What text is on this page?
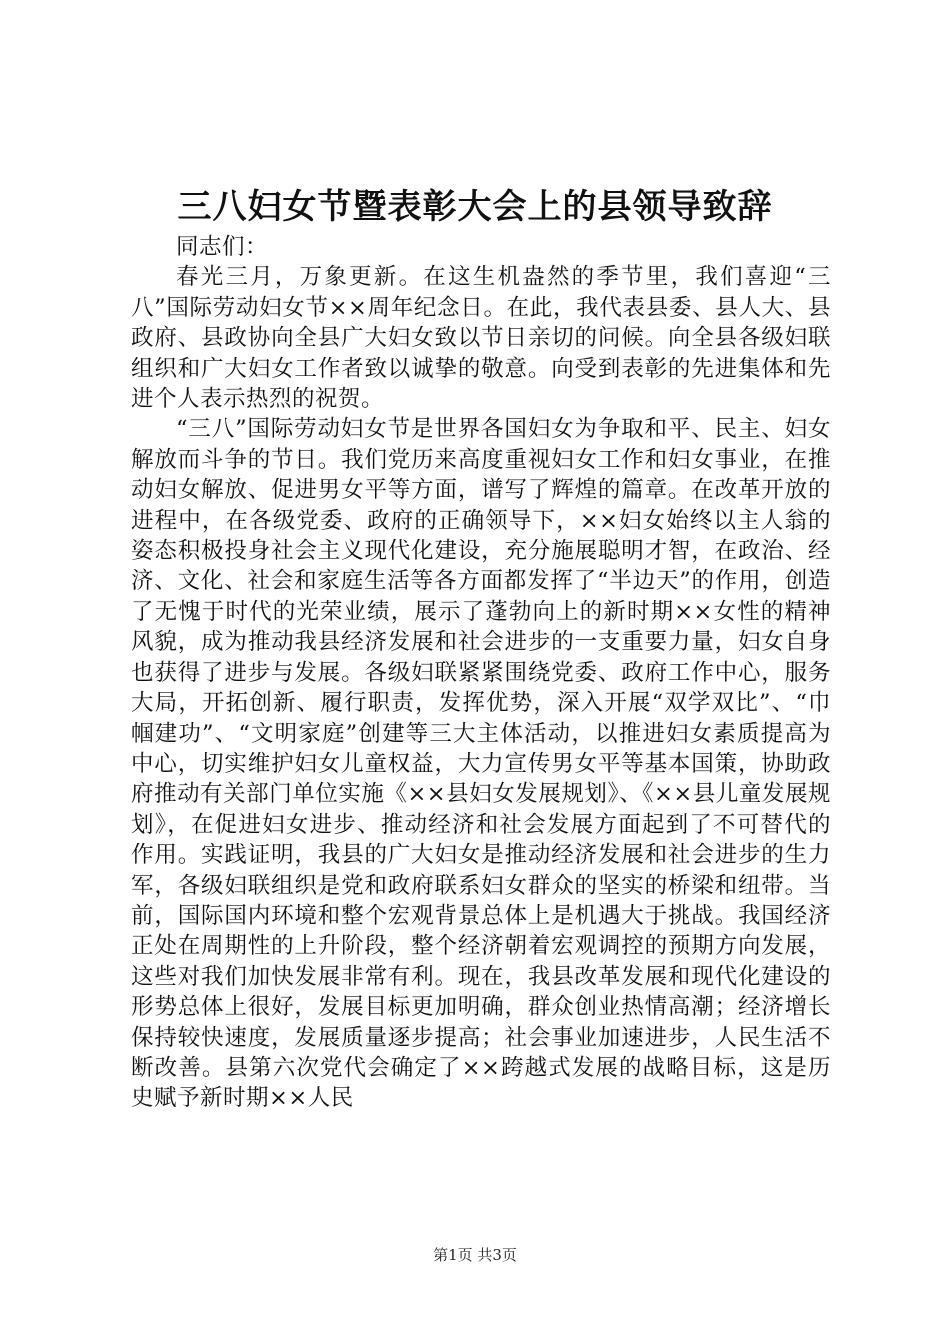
三八妇女节暨表彰大会上的县领导致辞

同志们：

春光三月，万象更新。在这生机盎然的季节里，我们喜迎“三八”国际劳动妇女节××周年纪念日。在此，我代表县委、县人大、县政府、县政协向全县广大妇女致以节日亲切的问候。向全县各级妇联组织和广大妇女工作者致以诚挚的敬意。向受到表彰的先进集体和先进个人表示热烈的祝贺。

“三八”国际劳动妇女节是世界各国妇女为争取和平、民主、妇女解放而斗争的节日。我们党历来高度重视妇女工作和妇女事业，在推动妇女解放、促进男女平等方面，谱写了辉煌的篇章。在改革开放的进程中，在各级党委、政府的正确领导下，××妇女始终以主人翁的姿态积极投身社会主义现代化建设，充分施展聪明才智，在政治、经济、文化、社会和家庭生活等各方面都发挥了“半边天”的作用，创造了无愧于时代的光荣业绩，展示了蓬勃向上的新时期××女性的精神风貌，成为推动我县经济发展和社会进步的一支重要力量，妇女自身也获得了进步与发展。各级妇联紧紧围绕党委、政府工作中心，服务大局，开拓创新、履行职责，发挥优势，深入开展“双学双比”、“巾帼建功”、“文明家庭”创建等三大主体活动，以推进妇女素质提高为中心，切实维护妇女儿童权益，大力宣传男女平等基本国策，协助政府推动有关部门单位实施《××县妇女发展规划》、《××县儿童发展规划》，在促进妇女进步、推动经济和社会发展方面起到了不可替代的作用。实践证明，我县的广大妇女是推动经济发展和社会进步的生力军，各级妇联组织是党和政府联系妇女群众的坚实的桥梁和纽带。当前，国际国内环境和整个宏观背景总体上是机遇大于挑战。我国经济正处在周期性的上升阶段，整个经济朝着宏观调控的预期方向发展，这些对我们加快发展非常有利。现在，我县改革发展和现代化建设的形势总体上很好，发展目标更加明确，群众创业热情高潮；经济增长保持较快速度，发展质量逐步提高；社会事业加速进步，人民生活不断改善。县第六次党代会确定了××跨越式发展的战略目标，这是历史赋予新时期××人民

第1页 共3页
